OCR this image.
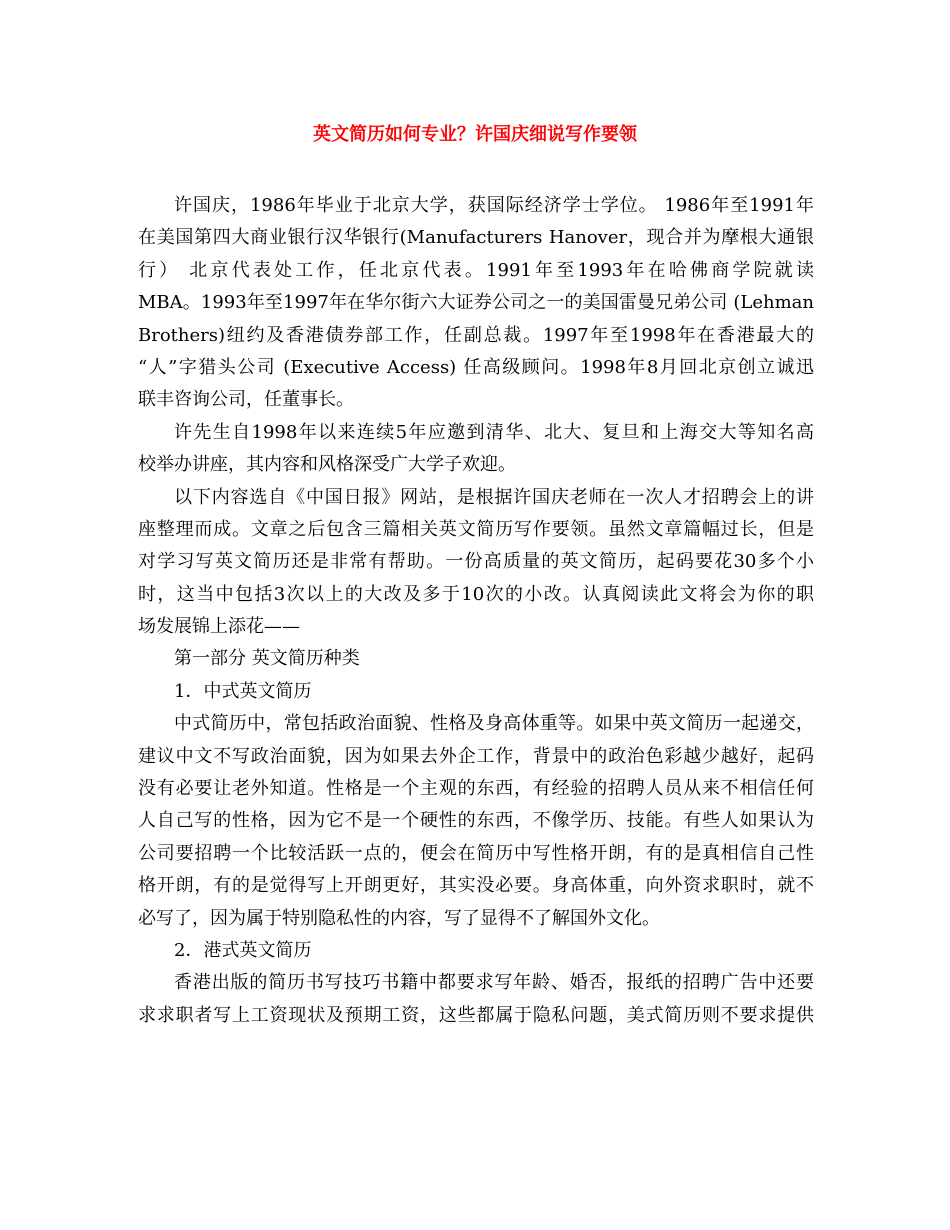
英文简历如何专业？许国庆细说写作要领
许国庆，1986年毕业于北京大学，获国际经济学士学位。 1986年至1991年
在美国第四大商业银行汉华银行(Manufacturers Hanover，现合并为摩根大通银
行） 北京代表处工作，任北京代表。1991年至1993年在哈佛商学院就读
MBA。1993年至1997年在华尔街六大证券公司之一的美国雷曼兄弟公司 (Lehman
Brothers)纽约及香港债券部工作，任副总裁。1997年至1998年在香港最大的
“人”字猎头公司 (Executive Access) 任高级顾问。1998年8月回北京创立诚迅
联丰咨询公司，任董事长。
许先生自1998年以来连续5年应邀到清华、北大、复旦和上海交大等知名高
校举办讲座，其内容和风格深受广大学子欢迎。
以下内容选自《中国日报》网站，是根据许国庆老师在一次人才招聘会上的讲
座整理而成。文章之后包含三篇相关英文简历写作要领。虽然文章篇幅过长，但是
对学习写英文简历还是非常有帮助。一份高质量的英文简历，起码要花30多个小
时，这当中包括3次以上的大改及多于10次的小改。认真阅读此文将会为你的职
场发展锦上添花——
第一部分 英文简历种类
1．中式英文简历
中式简历中，常包括政治面貌、性格及身高体重等。如果中英文简历一起递交，
建议中文不写政治面貌，因为如果去外企工作，背景中的政治色彩越少越好，起码
没有必要让老外知道。性格是一个主观的东西，有经验的招聘人员从来不相信任何
人自己写的性格，因为它不是一个硬性的东西，不像学历、技能。有些人如果认为
公司要招聘一个比较活跃一点的，便会在简历中写性格开朗，有的是真相信自己性
格开朗，有的是觉得写上开朗更好，其实没必要。身高体重，向外资求职时，就不
必写了，因为属于特别隐私性的内容，写了显得不了解国外文化。
2．港式英文简历
香港出版的简历书写技巧书籍中都要求写年龄、婚否，报纸的招聘广告中还要
求求职者写上工资现状及预期工资，这些都属于隐私问题，美式简历则不要求提供
